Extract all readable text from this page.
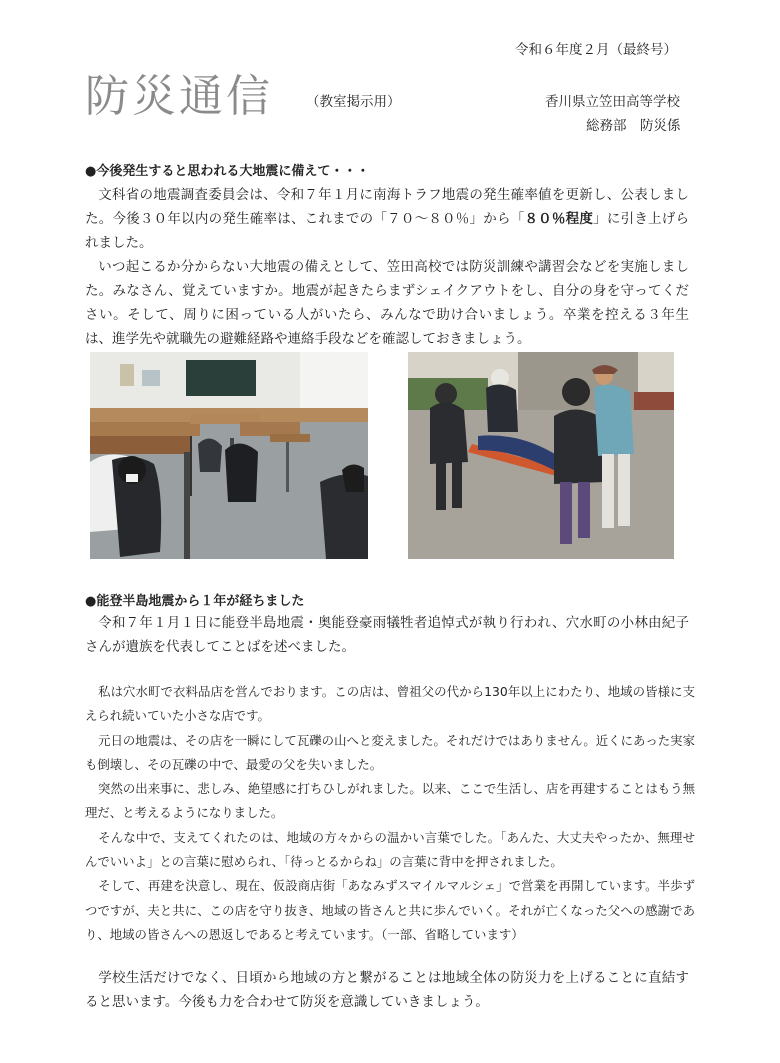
令和６年度２月（最終号）
防災通信 （教室掲示用）	香川県立笠田高等学校
総務部　防災係
●今後発生すると思われる大地震に備えて・・・
文科省の地震調査委員会は、令和７年１月に南海トラフ地震の発生確率値を更新し、公表しました。今後３０年以内の発生確率は、これまでの「７０～８０％」から「８０％程度」に引き上げられました。
いつ起こるか分からない大地震の備えとして、笠田高校では防災訓練や講習会などを実施しました。みなさん、覚えていますか。地震が起きたらまずシェイクアウトをし、自分の身を守ってください。そして、周りに困っている人がいたら、みんなで助け合いましょう。卒業を控える３年生は、進学先や就職先の避難経路や連絡手段などを確認しておきましょう。
●能登半島地震から１年が経ちました
令和７年１月１日に能登半島地震・奥能登豪雨犠牲者追悼式が執り行われ、穴水町の小林由紀子さんが遺族を代表してことばを述べました。
私は穴水町で衣料品店を営んでおります。この店は、曾祖父の代から130年以上にわたり、地域の皆様に支えられ続いていた小さな店です。
元日の地震は、その店を一瞬にして瓦礫の山へと変えました。それだけではありません。近くにあった実家も倒壊し、その瓦礫の中で、最愛の父を失いました。
突然の出来事に、悲しみ、絶望感に打ちひしがれました。以来、ここで生活し、店を再建することはもう無理だ、と考えるようになりました。
そんな中で、支えてくれたのは、地域の方々からの温かい言葉でした。「あんた、大丈夫やったか、無理せんでいいよ」との言葉に慰められ、「待っとるからね」の言葉に背中を押されました。
そして、再建を決意し、現在、仮設商店街「あなみずスマイルマルシェ」で営業を再開しています。半歩ずつですが、夫と共に、この店を守り抜き、地域の皆さんと共に歩んでいく。それが亡くなった父への感謝であり、地域の皆さんへの恩返しであると考えています。（一部、省略しています）
学校生活だけでなく、日頃から地域の方と繋がることは地域全体の防災力を上げることに直結すると思います。今後も力を合わせて防災を意識していきましょう。
